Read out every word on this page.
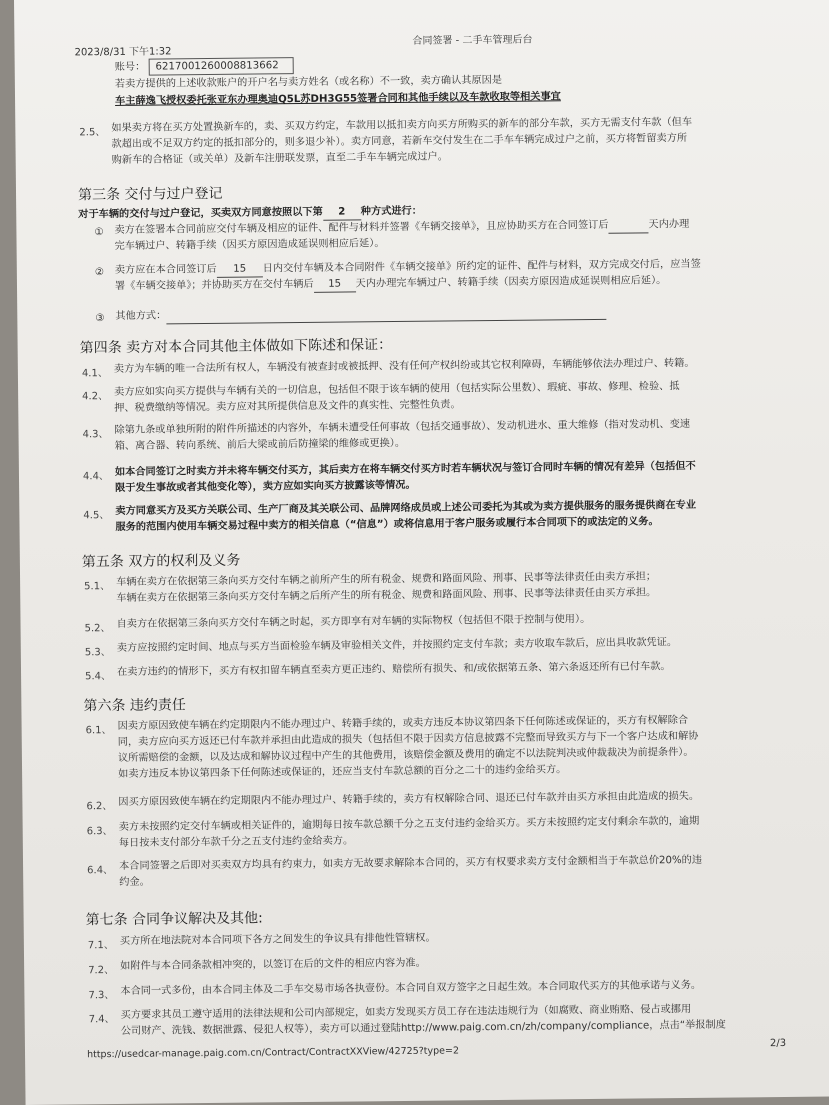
2023/8/31 下午1:32
合同签署 - 二手车管理后台
账号： 6217001260008813662
若卖方提供的上述收款账户的开户名与卖方姓名（或名称）不一致，卖方确认其原因是
车主薛逸飞授权委托张亚东办理奥迪Q5L苏DH3G55签署合同和其他手续以及车款收取等相关事宜
2.5、 如果卖方将在买方处置换新车的，卖、买双方约定，车款用以抵扣卖方向买方所购买的新车的部分车款，买方无需支付车款（但车
款超出或不足双方约定的抵扣部分的，则多退少补）。卖方同意，若新车交付发生在二手车车辆完成过户之前，买方将暂留卖方所
购新车的合格证（或关单）及新车注册联发票，直至二手车车辆完成过户。
第三条 交付与过户登记
对于车辆的交付与过户登记，买卖双方同意按照以下第 2 种方式进行：
① 卖方在签署本合同前应交付车辆及相应的证件、配件与材料并签署《车辆交接单》，且应协助买方在合同签订后	天内办理
完车辆过户、转籍手续（因买方原因造成延误则相应后延）。
② 卖方应在本合同签订后 15 日内交付车辆及本合同附件《车辆交接单》所约定的证件、配件与材料，双方完成交付后，应当签
署《车辆交接单》；并协助买方在交付车辆后 15 天内办理完车辆过户、转籍手续（因卖方原因造成延误则相应后延）。
③ 其他方式：
第四条 卖方对本合同其他主体做如下陈述和保证：
4.1、 卖方为车辆的唯一合法所有权人，车辆没有被查封或被抵押、没有任何产权纠纷或其它权利障碍，车辆能够依法办理过户、转籍。
4.2、 卖方应如实向买方提供与车辆有关的一切信息，包括但不限于该车辆的使用（包括实际公里数）、瑕疵、事故、修理、检验、抵
押、税费缴纳等情况。卖方应对其所提供信息及文件的真实性、完整性负责。
4.3、 除第九条或单独所附的附件所描述的内容外，车辆未遭受任何事故（包括交通事故）、发动机进水、重大维修（指对发动机、变速
箱、离合器、转向系统、前后大梁或前后防撞梁的维修或更换）。
4.4、 如本合同签订之时卖方并未将车辆交付买方，其后卖方在将车辆交付买方时若车辆状况与签订合同时车辆的情况有差异（包括但不
限于发生事故或者其他变化等），卖方应如实向买方披露该等情况。
4.5、 卖方同意买方及买方关联公司、生产厂商及其关联公司、品牌网络成员或上述公司委托为其或为卖方提供服务的服务提供商在专业
服务的范围内使用车辆交易过程中卖方的相关信息（“信息”）或将信息用于客户服务或履行本合同项下的或法定的义务。
第五条 双方的权利及义务
5.1、 车辆在卖方在依据第三条向买方交付车辆之前所产生的所有税金、规费和路面风险、刑事、民事等法律责任由卖方承担；
车辆在卖方在依据第三条向买方交付车辆之后所产生的所有税金、规费和路面风险、刑事、民事等法律责任由买方承担。
5.2、 自卖方在依据第三条向买方交付车辆之时起，买方即享有对车辆的实际物权（包括但不限于控制与使用）。
5.3、 卖方应按照约定时间、地点与买方当面检验车辆及审验相关文件，并按照约定支付车款；卖方收取车款后，应出具收款凭证。
5.4、 在卖方违约的情形下，买方有权扣留车辆直至卖方更正违约、赔偿所有损失、和/或依据第五条、第六条返还所有已付车款。
第六条 违约责任
6.1、 因卖方原因致使车辆在约定期限内不能办理过户、转籍手续的，或卖方违反本协议第四条下任何陈述或保证的，买方有权解除合
同，卖方应向买方返还已付车款并承担由此造成的损失（包括但不限于因卖方信息披露不完整而导致买方与下一个客户达成和解协
议所需赔偿的金额，以及达成和解协议过程中产生的其他费用，该赔偿金额及费用的确定不以法院判决或仲裁裁决为前提条件）。
如卖方违反本协议第四条下任何陈述或保证的，还应当支付车款总额的百分之二十的违约金给买方。
6.2、 因买方原因致使车辆在约定期限内不能办理过户、转籍手续的，卖方有权解除合同、退还已付车款并由买方承担由此造成的损失。
6.3、 卖方未按照约定交付车辆或相关证件的，逾期每日按车款总额千分之五支付违约金给买方。买方未按照约定支付剩余车款的，逾期
每日按未支付部分车款千分之五支付违约金给卖方。
6.4、 本合同签署之后即对买卖双方均具有约束力，如卖方无故要求解除本合同的，买方有权要求卖方支付金额相当于车款总价20%的违
约金。
第七条 合同争议解决及其他:
7.1、 买方所在地法院对本合同项下各方之间发生的争议具有排他性管辖权。
7.2、 如附件与本合同条款相冲突的，以签订在后的文件的相应内容为准。
7.3、 本合同一式多份，由本合同主体及二手车交易市场各执壹份。本合同自双方签字之日起生效。本合同取代买方的其他承诺与义务。
7.4、 买方要求其员工遵守适用的法律法规和公司内部规定，如卖方发现买方员工存在违法违规行为（如腐败、商业贿赂、侵占或挪用
公司财产、洗钱、数据泄露、侵犯人权等），卖方可以通过登陆http://www.paig.com.cn/zh/company/compliance，点击“举报制度
https://usedcar-manage.paig.com.cn/Contract/ContractXXView/42725?type=2
2/3
